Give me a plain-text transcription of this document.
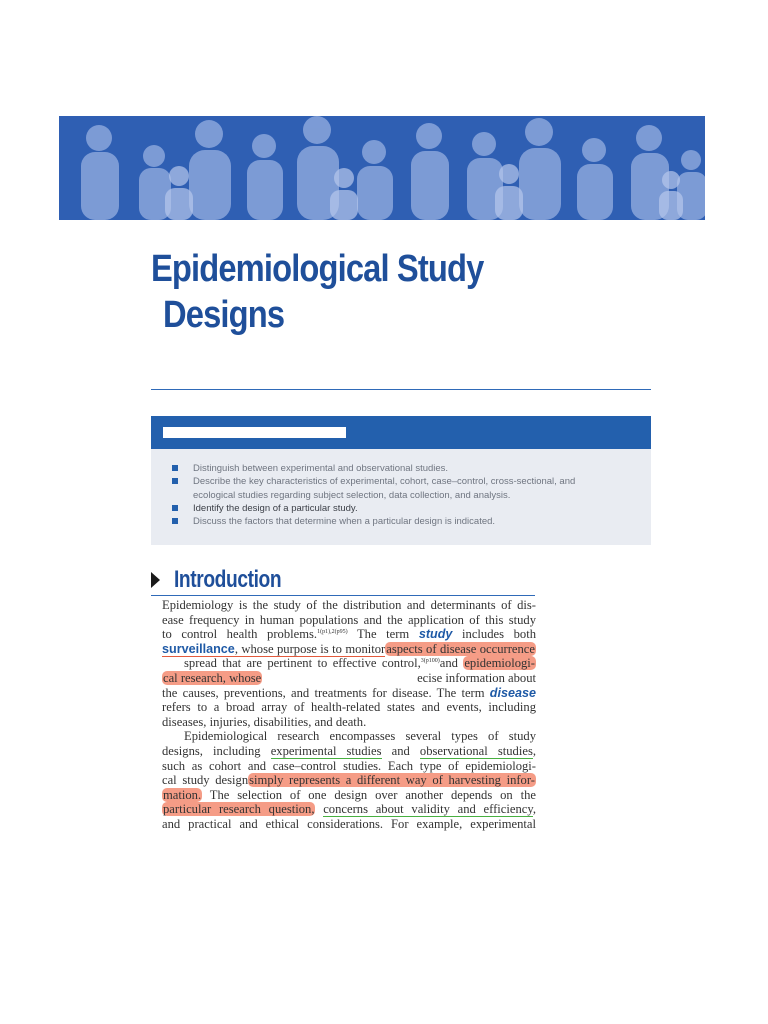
Epidemiological Study
Designs
Distinguish between experimental and observational studies.
Describe the key characteristics of experimental, cohort, case–control, cross-sectional, and
ecological studies regarding subject selection, data collection, and analysis.
Identify the design of a particular study.
Discuss the factors that determine when a particular design is indicated.
Introduction
Epidemiology is the study of the distribution and determinants of dis-
ease frequency in human populations and the application of this study
to control health problems.$^{1(p1),2(p95)}$ The term study includes both
surveillance, whose purpose is to monitoraspects of disease occurrence
spread that are pertinent to effective control,$^{3(p100)}$and epidemiologi-
cal research, whose	ecise information about
the causes, preventions, and treatments for disease. The term disease
refers to a broad array of health-related states and events, including
diseases, injuries, disabilities, and death.
Epidemiological research encompasses several types of study
designs, including experimental studies and observational studies,
such as cohort and case–control studies. Each type of epidemiologi-
cal study designsimply represents a different way of harvesting infor-
mation. The selection of one design over another depends on the
particular research question, concerns about validity and efficiency,
and practical and ethical considerations. For example, experimental
